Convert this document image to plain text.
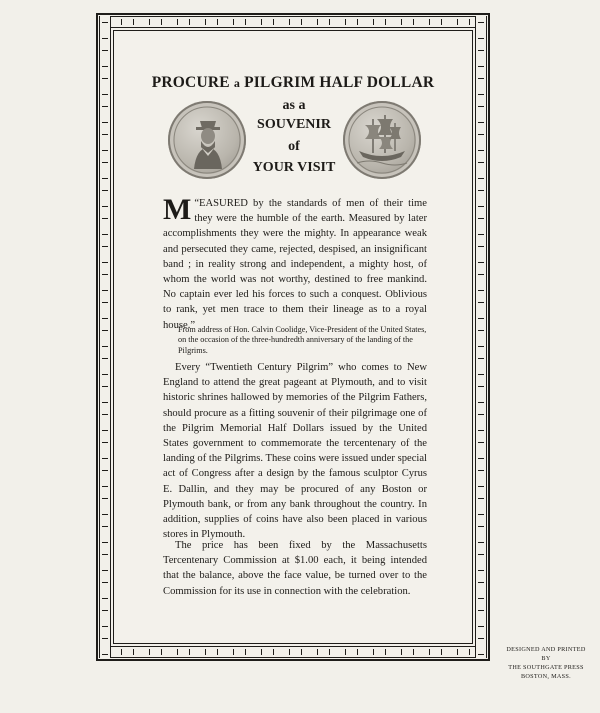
PROCURE a PILGRIM HALF DOLLAR
as a
SOUVENIR
of
YOUR VISIT
“
M EASURED by the standards of men of their time they were the humble of the earth. Measured by later accomplishments they were the mighty. In appearance weak and persecuted they came, rejected, despised, an insignificant band ; in reality strong and independent, a mighty host, of whom the world was not worthy, destined to free mankind. No captain ever led his forces to such a conquest. Oblivious to rank, yet men trace to them their lineage as to a royal house.”
From address of Hon. Calvin Coolidge, Vice-President of the United States, on the occasion of the three-hundredth anniversary of the landing of the Pilgrims.
Every “Twentieth Century Pilgrim” who comes to New England to attend the great pageant at Plymouth, and to visit historic shrines hallowed by memories of the Pilgrim Fathers, should procure as a fitting souvenir of their pilgrimage one of the Pilgrim Memorial Half Dollars issued by the United States government to commemorate the tercentenary of the landing of the Pilgrims. These coins were issued under special act of Congress after a design by the famous sculptor Cyrus E. Dallin, and they may be procured of any Boston or Plymouth bank, or from any bank throughout the country. In addition, supplies of coins have also been placed in various stores in Plymouth.
The price has been fixed by the Massachusetts Tercentenary Commission at $1.00 each, it being intended that the balance, above the face value, be turned over to the Commission for its use in connection with the celebration.
DESIGNED AND PRINTED
BY
THE SOUTHGATE PRESS
BOSTON, MASS.
